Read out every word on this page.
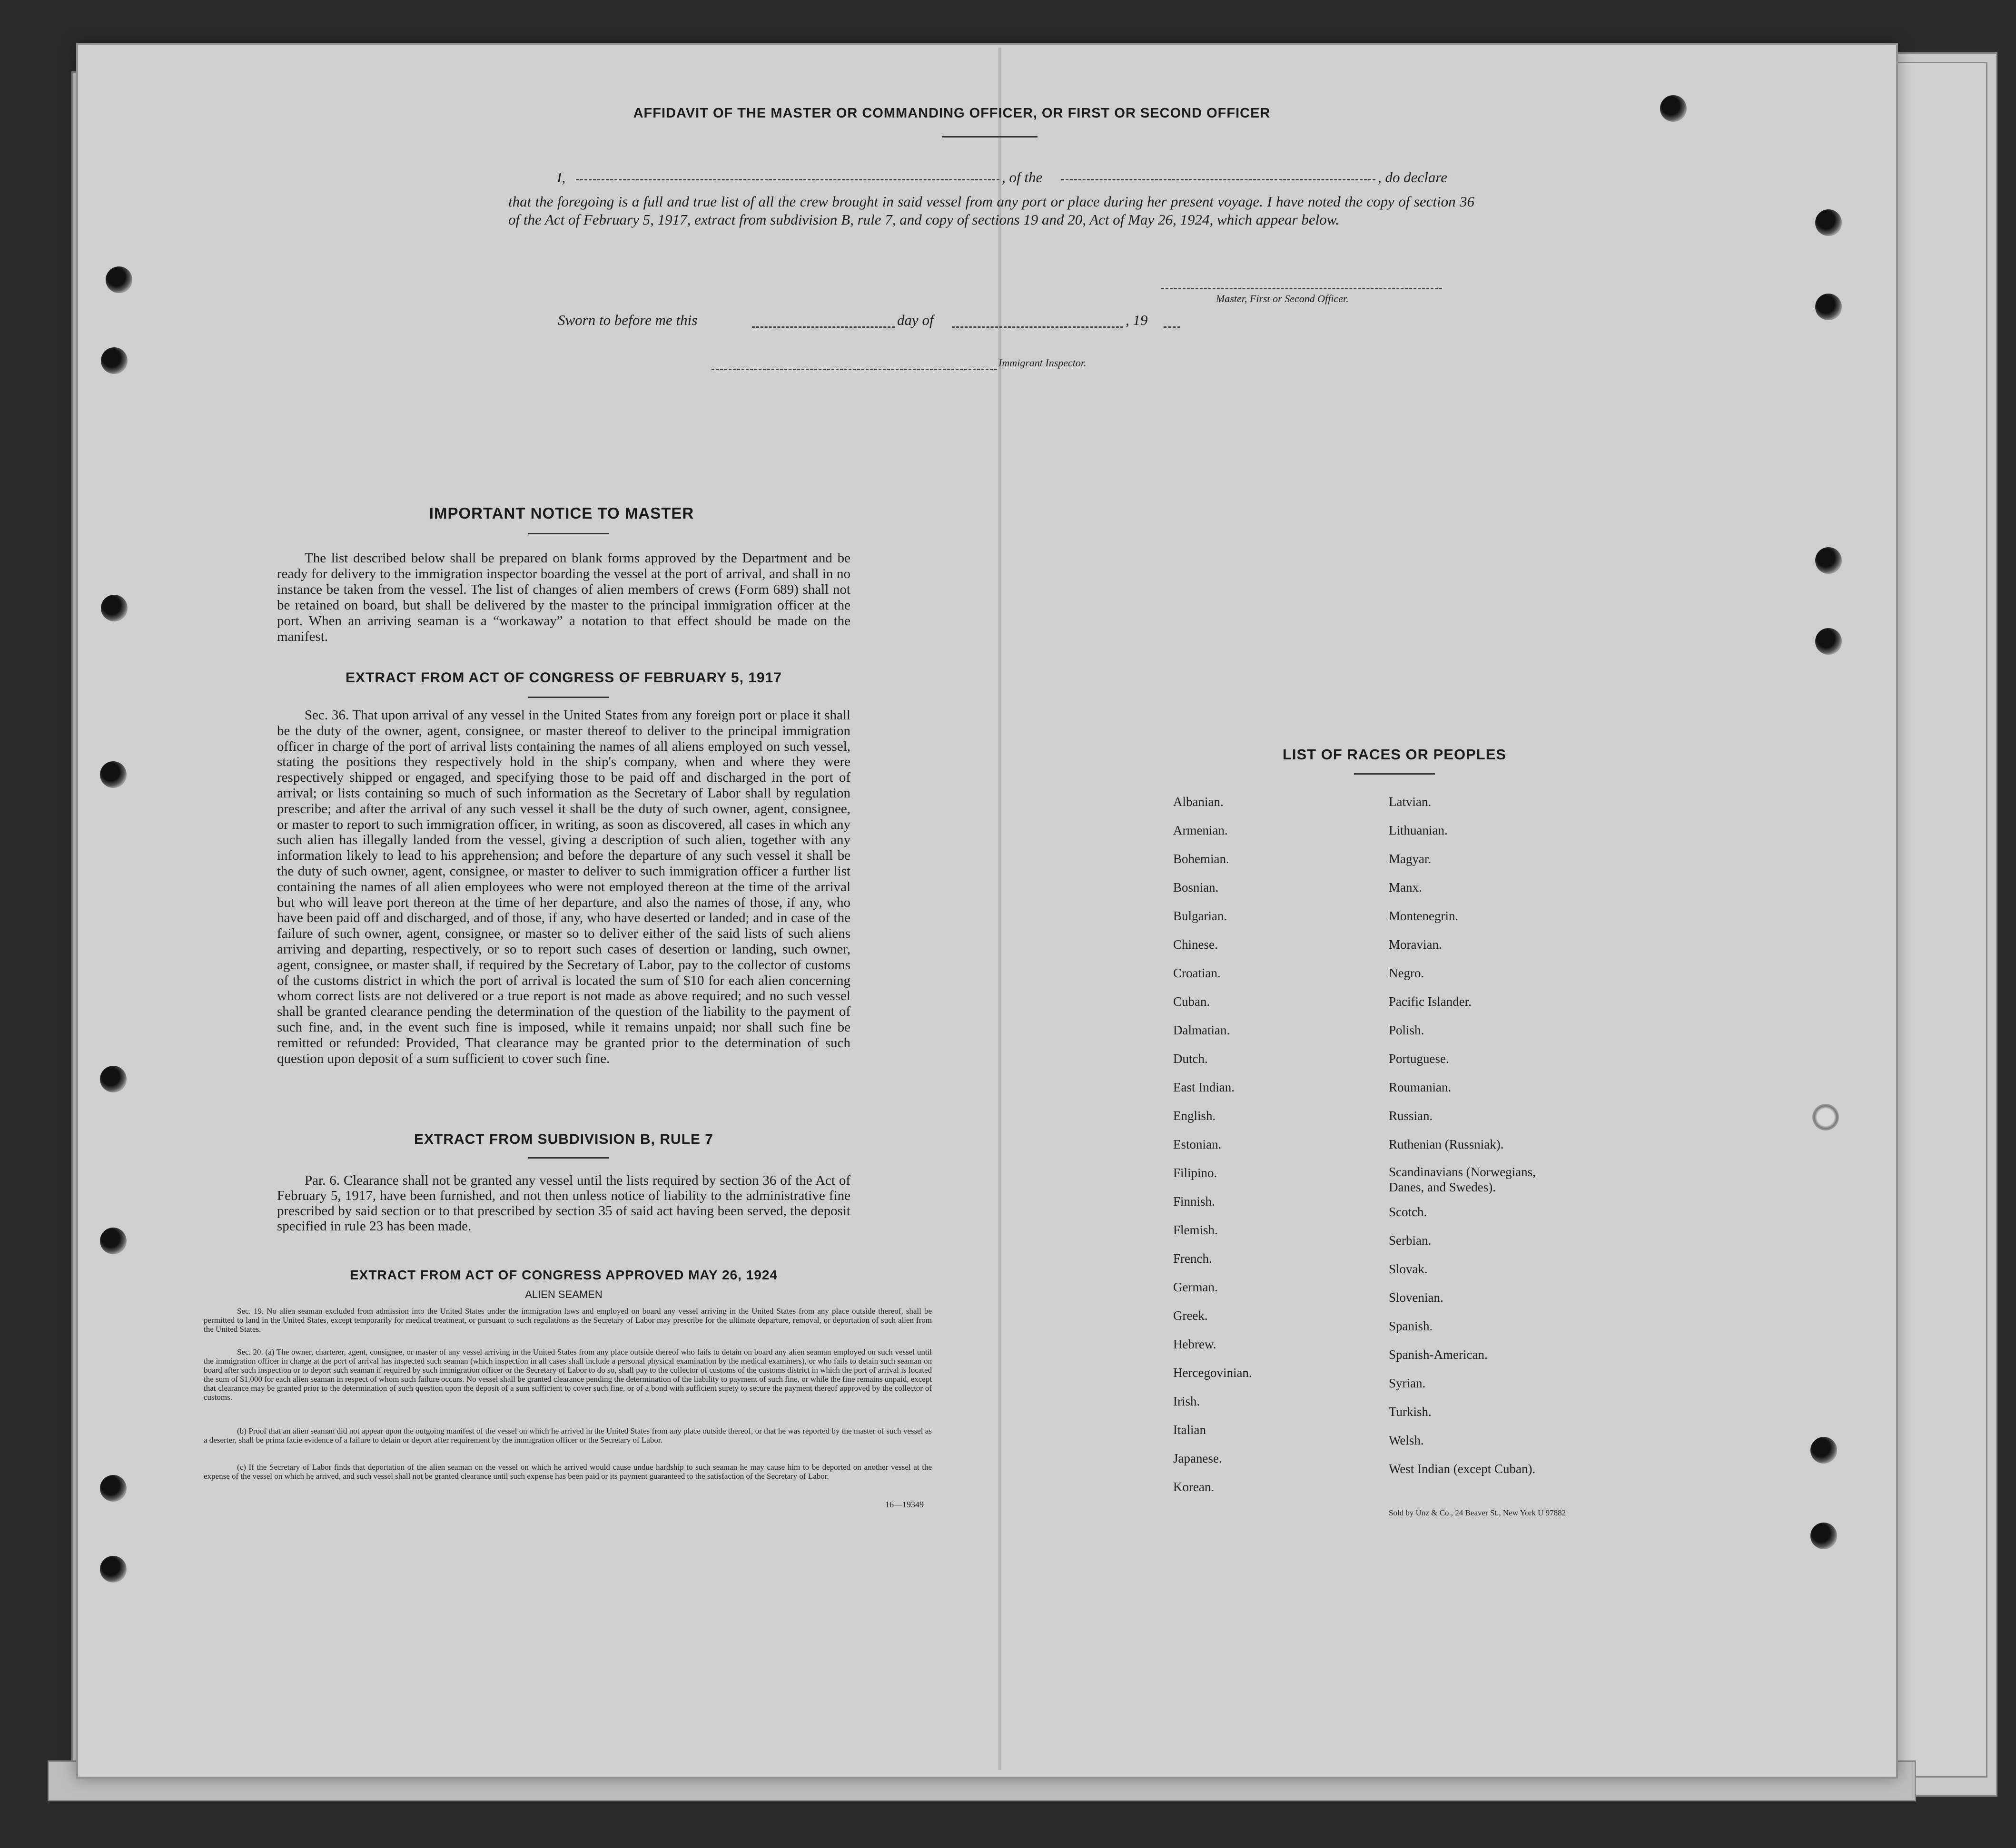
AFFIDAVIT OF THE MASTER OR COMMANDING OFFICER, OR FIRST OR SECOND OFFICER
I,	, of the	, do declare
that the foregoing is a full and true list of all the crew brought in said vessel from any port or place during her present voyage. I have noted the copy of section 36 of the Act of February 5, 1917, extract from subdivision B, rule 7, and copy of sections 19 and 20, Act of May 26, 1924, which appear below.
Master, First or Second Officer.
Sworn to before me this	day of	, 19
Immigrant Inspector.
IMPORTANT NOTICE TO MASTER
The list described below shall be prepared on blank forms approved by the Department and be ready for delivery to the immigration inspector boarding the vessel at the port of arrival, and shall in no instance be taken from the vessel. The list of changes of alien members of crews (Form 689) shall not be retained on board, but shall be delivered by the master to the principal immigration officer at the port. When an arriving seaman is a “workaway” a notation to that effect should be made on the manifest.
EXTRACT FROM ACT OF CONGRESS OF FEBRUARY 5, 1917
Sec. 36. That upon arrival of any vessel in the United States from any foreign port or place it shall be the duty of the owner, agent, consignee, or master thereof to deliver to the principal immigration officer in charge of the port of arrival lists containing the names of all aliens employed on such vessel, stating the positions they respectively hold in the ship's company, when and where they were respectively shipped or engaged, and specifying those to be paid off and discharged in the port of arrival; or lists containing so much of such information as the Secretary of Labor shall by regulation prescribe; and after the arrival of any such vessel it shall be the duty of such owner, agent, consignee, or master to report to such immigration officer, in writing, as soon as discovered, all cases in which any such alien has illegally landed from the vessel, giving a description of such alien, together with any information likely to lead to his apprehension; and before the departure of any such vessel it shall be the duty of such owner, agent, consignee, or master to deliver to such immigration officer a further list containing the names of all alien employees who were not employed thereon at the time of the arrival but who will leave port thereon at the time of her departure, and also the names of those, if any, who have been paid off and discharged, and of those, if any, who have deserted or landed; and in case of the failure of such owner, agent, consignee, or master so to deliver either of the said lists of such aliens arriving and departing, respectively, or so to report such cases of desertion or landing, such owner, agent, consignee, or master shall, if required by the Secretary of Labor, pay to the collector of customs of the customs district in which the port of arrival is located the sum of $10 for each alien concerning whom correct lists are not delivered or a true report is not made as above required; and no such vessel shall be granted clearance pending the determination of the question of the liability to the payment of such fine, and, in the event such fine is imposed, while it remains unpaid; nor shall such fine be remitted or refunded: Provided, That clearance may be granted prior to the determination of such question upon deposit of a sum sufficient to cover such fine.
EXTRACT FROM SUBDIVISION B, RULE 7
Par. 6. Clearance shall not be granted any vessel until the lists required by section 36 of the Act of February 5, 1917, have been furnished, and not then unless notice of liability to the administrative fine prescribed by said section or to that prescribed by section 35 of said act having been served, the deposit specified in rule 23 has been made.
EXTRACT FROM ACT OF CONGRESS APPROVED MAY 26, 1924
ALIEN SEAMEN
Sec. 19. No alien seaman excluded from admission into the United States under the immigration laws and employed on board any vessel arriving in the United States from any place outside thereof, shall be permitted to land in the United States, except temporarily for medical treatment, or pursuant to such regulations as the Secretary of Labor may prescribe for the ultimate departure, removal, or deportation of such alien from the United States.
Sec. 20. (a) The owner, charterer, agent, consignee, or master of any vessel arriving in the United States from any place outside thereof who fails to detain on board any alien seaman employed on such vessel until the immigration officer in charge at the port of arrival has inspected such seaman (which inspection in all cases shall include a personal physical examination by the medical examiners), or who fails to detain such seaman on board after such inspection or to deport such seaman if required by such immigration officer or the Secretary of Labor to do so, shall pay to the collector of customs of the customs district in which the port of arrival is located the sum of $1,000 for each alien seaman in respect of whom such failure occurs. No vessel shall be granted clearance pending the determination of the liability to payment of such fine, or while the fine remains unpaid, except that clearance may be granted prior to the determination of such question upon the deposit of a sum sufficient to cover such fine, or of a bond with sufficient surety to secure the payment thereof approved by the collector of customs.
(b) Proof that an alien seaman did not appear upon the outgoing manifest of the vessel on which he arrived in the United States from any place outside thereof, or that he was reported by the master of such vessel as a deserter, shall be prima facie evidence of a failure to detain or deport after requirement by the immigration officer or the Secretary of Labor.
(c) If the Secretary of Labor finds that deportation of the alien seaman on the vessel on which he arrived would cause undue hardship to such seaman he may cause him to be deported on another vessel at the expense of the vessel on which he arrived, and such vessel shall not be granted clearance until such expense has been paid or its payment guaranteed to the satisfaction of the Secretary of Labor.
16—19349
LIST OF RACES OR PEOPLES
Albanian.
Armenian.
Bohemian.
Bosnian.
Bulgarian.
Chinese.
Croatian.
Cuban.
Dalmatian.
Dutch.
East Indian.
English.
Estonian.
Filipino.
Finnish.
Flemish.
French.
German.
Greek.
Hebrew.
Hercegovinian.
Irish.
Italian
Japanese.
Korean.
Latvian.
Lithuanian.
Magyar.
Manx.
Montenegrin.
Moravian.
Negro.
Pacific Islander.
Polish.
Portuguese.
Roumanian.
Russian.
Ruthenian (Russniak).
Scandinavians (Norwegians,
Danes, and Swedes).
Scotch.
Serbian.
Slovak.
Slovenian.
Spanish.
Spanish-American.
Syrian.
Turkish.
Welsh.
West Indian (except Cuban).
Sold by Unz & Co., 24 Beaver St., New York U 97882
